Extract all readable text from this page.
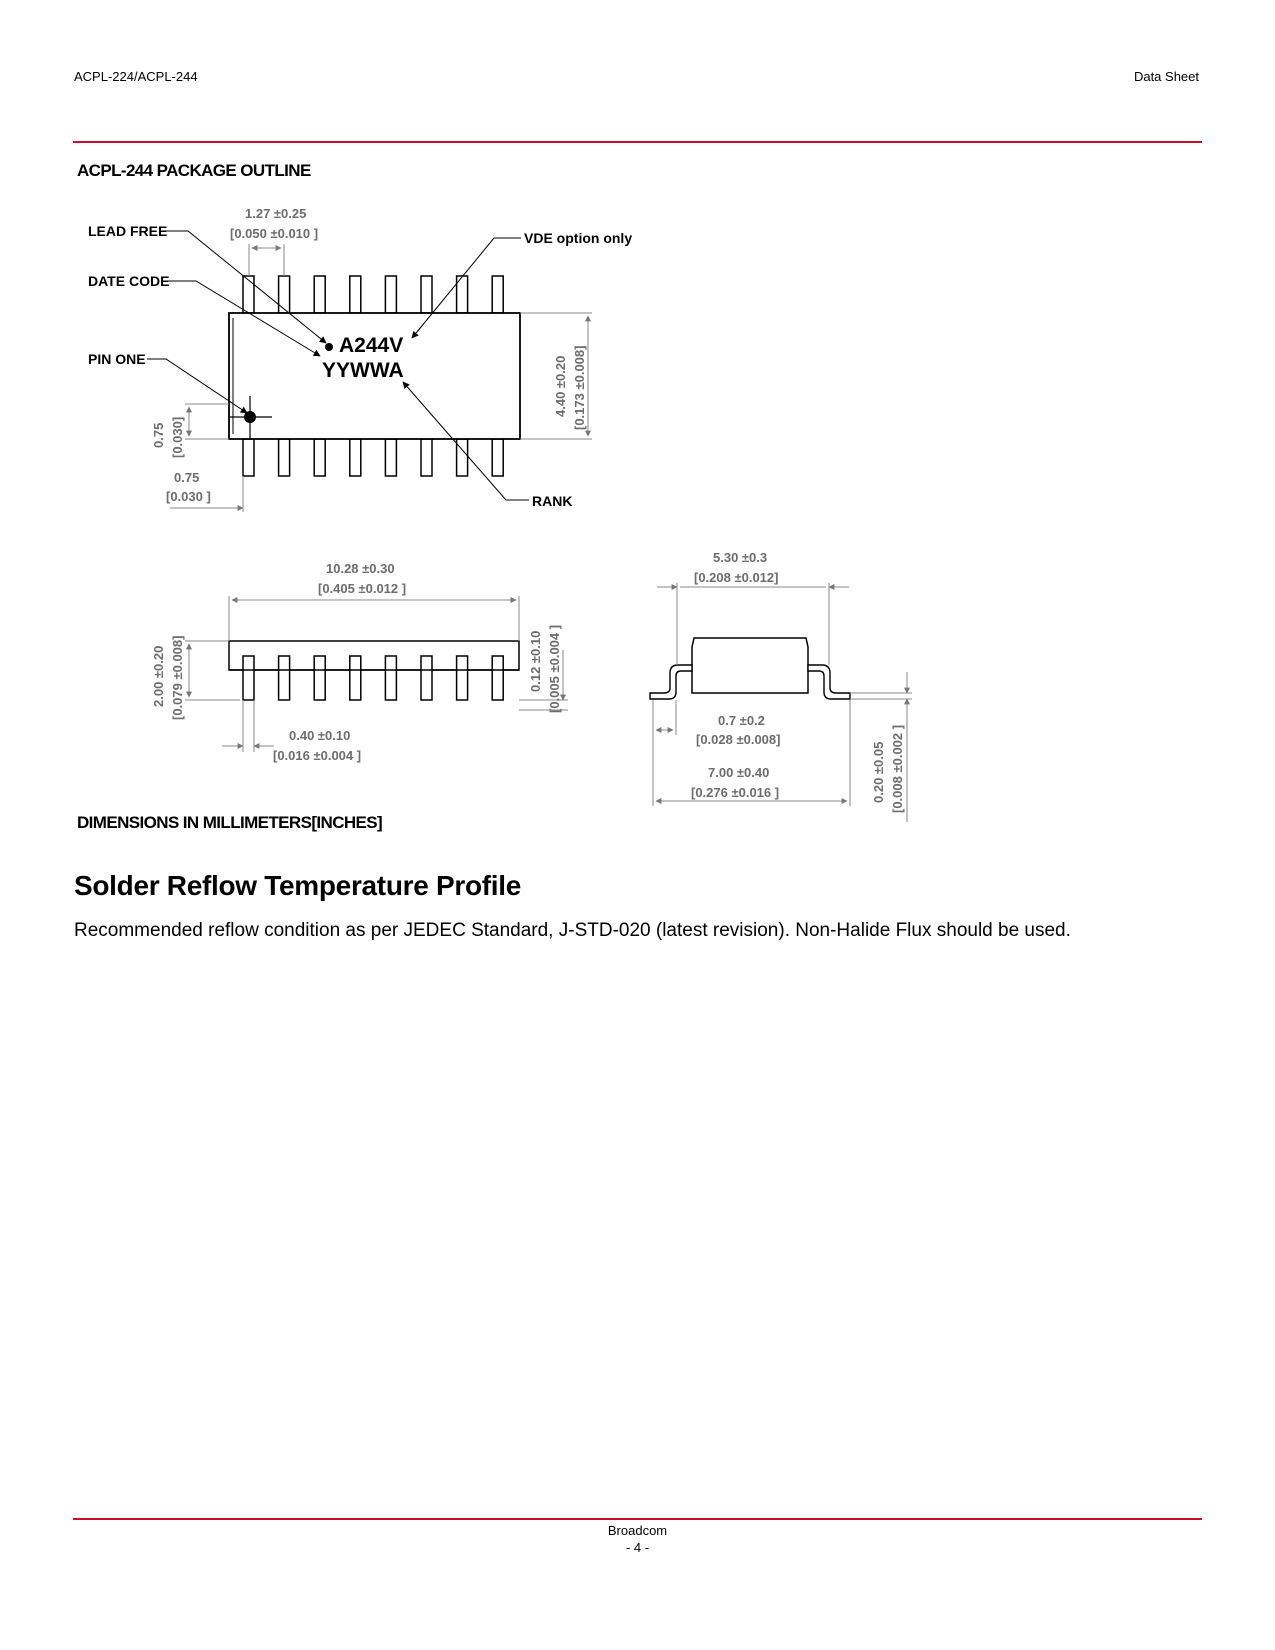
ACPL-224/ACPL-244	Data Sheet
ACPL-244 PACKAGE OUTLINE
A244V
YYWWA
LEAD FREE
DATE CODE
PIN ONE
VDE option only
RANK
1.27 ±0.25
[0.050 ±0.010 ]
4.40 ±0.20 [0.173 ±0.008]
0.75 [0.030]
0.75
[0.030 ]
10.28 ±0.30
[0.405 ±0.012 ]
2.00 ±0.20 [0.079 ±0.008]	0.12 ±0.10 [0.005 ±0.004 ]
0.40 ±0.10
[0.016 ±0.004 ]
5.30 ±0.3
[0.208 ±0.012]
0.7 ±0.2
[0.028 ±0.008]
7.00 ±0.40
[0.276 ±0.016 ]	0.20 ±0.05 [0.008 ±0.002 ]
DIMENSIONS IN MILLIMETERS[INCHES]
Solder Reflow Temperature Profile
Recommended reflow condition as per JEDEC Standard, J-STD-020 (latest revision). Non-Halide Flux should be used.
Broadcom
- 4 -
